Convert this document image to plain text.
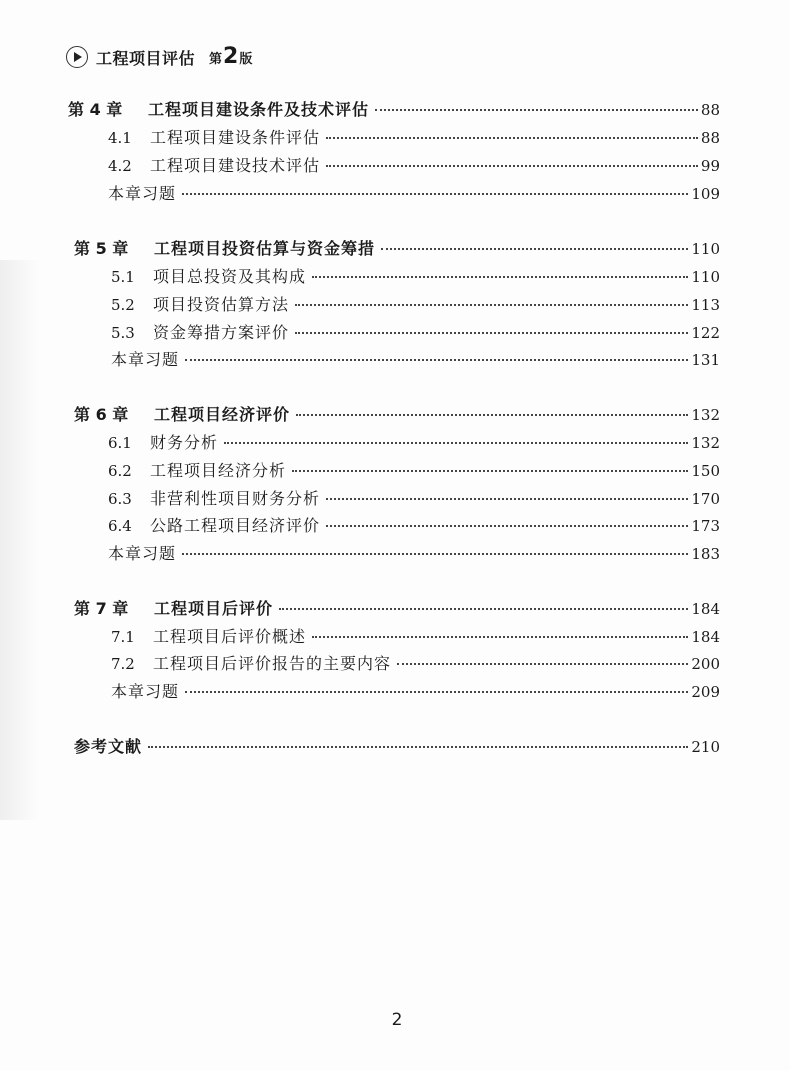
工程项目评估 第 2 版
第 4 章 工程项目建设条件及技术评估	88
4.1 工程项目建设条件评估	88
4.2 工程项目建设技术评估	99
本章习题	109
第 5 章 工程项目投资估算与资金筹措	110
5.1 项目总投资及其构成	110
5.2 项目投资估算方法	113
5.3 资金筹措方案评价	122
本章习题	131
第 6 章 工程项目经济评价	132
6.1 财务分析	132
6.2 工程项目经济分析	150
6.3 非营利性项目财务分析	170
6.4 公路工程项目经济评价	173
本章习题	183
第 7 章 工程项目后评价	184
7.1 工程项目后评价概述	184
7.2 工程项目后评价报告的主要内容	200
本章习题	209
参考文献	210
2
